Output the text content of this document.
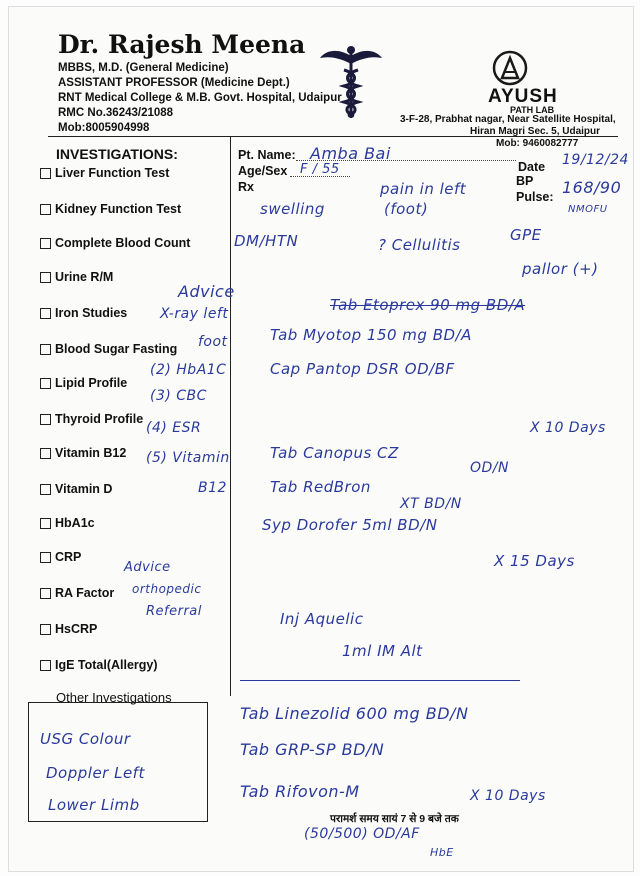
Dr. Rajesh Meena
MBBS, M.D. (General Medicine)
ASSISTANT PROFESSOR (Medicine Dept.)
RNT Medical College & M.B. Govt. Hospital, Udaipur
RMC No.36243/21088
Mob:8005904998
AYUSH
PATH LAB
3-F-28, Prabhat nagar, Near Satellite Hospital,
Hiran Magri Sec. 5, Udaipur
Mob: 9460082777
INVESTIGATIONS:
Liver Function Test
Kidney Function Test
Complete Blood Count
Urine R/M
Iron Studies
Blood Sugar Fasting
Lipid Profile
Thyroid Profile
Vitamin B12
Vitamin D
HbA1c
CRP
RA Factor
HsCRP
IgE Total(Allergy)
Other Investigations
Pt. Name:
Age/Sex
Rx
Date
BP
Pulse:
Amba Bai
F / 55
19/12/24
168/90
NMOFU
pain in left
(foot)
swelling
DM/HTN	? Cellulitis
GPE
pallor (+)
Advice
X-ray left
foot
(2) HbA1C
(3) CBC
(4) ESR
(5) Vitamin
B12
Tab Etoprex 90 mg BD/A
Tab Myotop 150 mg BD/A
Cap Pantop DSR OD/BF
X 10 Days
Tab Canopus CZ
OD/N
Tab RedBron
XT BD/N
Syp Dorofer 5ml BD/N
X 15 Days
Advice
orthopedic
Referral	Inj Aquelic
1ml IM Alt
USG Colour
Doppler Left
Lower Limb
Tab Linezolid 600 mg BD/N
Tab GRP-SP BD/N
Tab Rifovon-M	X 10 Days
(50/500) OD/AF
HbE
परामर्श समय सायं 7 से 9 बजे तक
